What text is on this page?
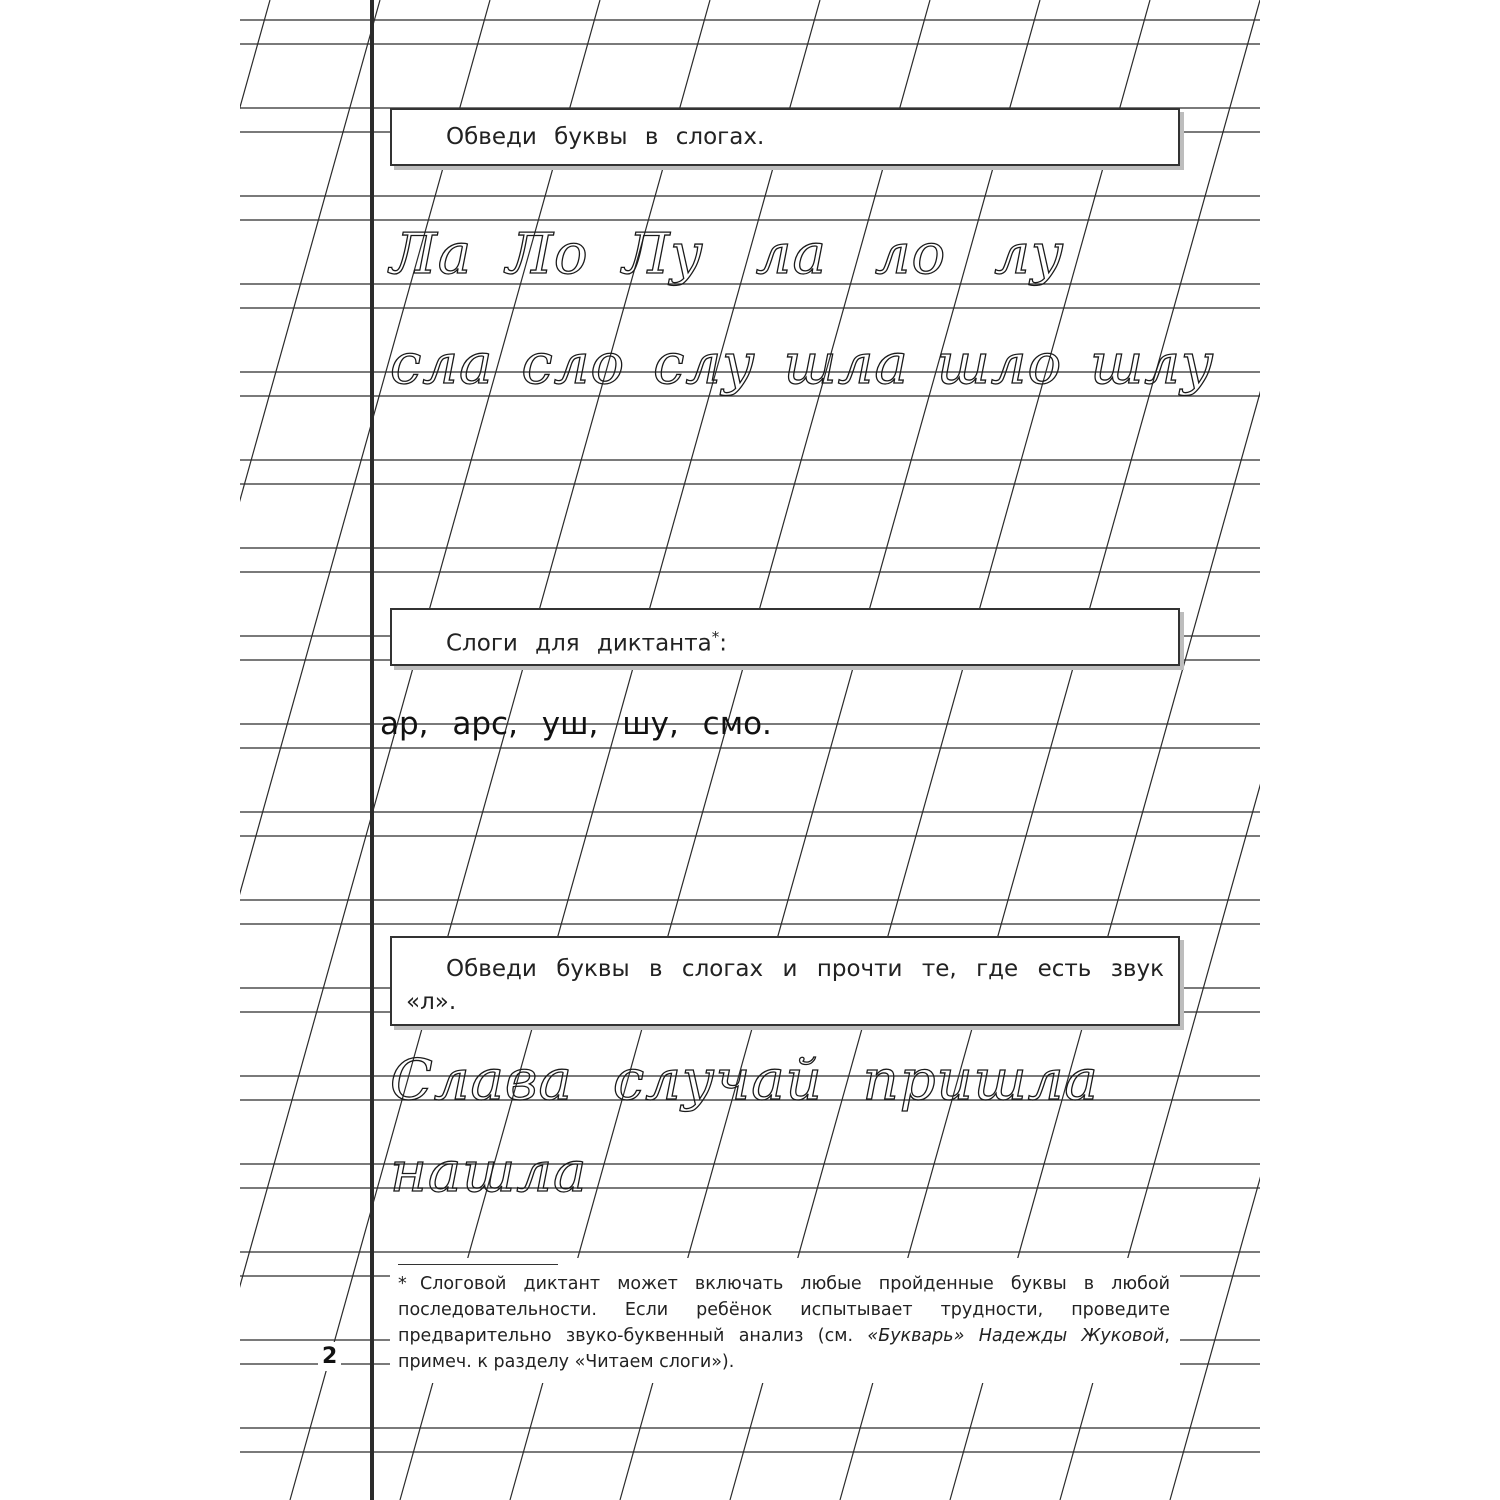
Обведи буквы в слогах.
Ла Ло Лу ла ло лу
сла сло слу шла шло шлу
Слоги для диктанта*:
ар, арс, уш, шу, смо.
Обведи буквы в слогах и прочти те, где есть звук «л».
Слава случай пришла
нашла
* Слоговой диктант может включать любые пройденные буквы в любой последовательности. Если ребёнок испытывает трудности, проведите предварительно звуко-буквенный анализ (см. «Букварь» Надежды Жуковой, примеч. к разделу «Читаем слоги»).
2
